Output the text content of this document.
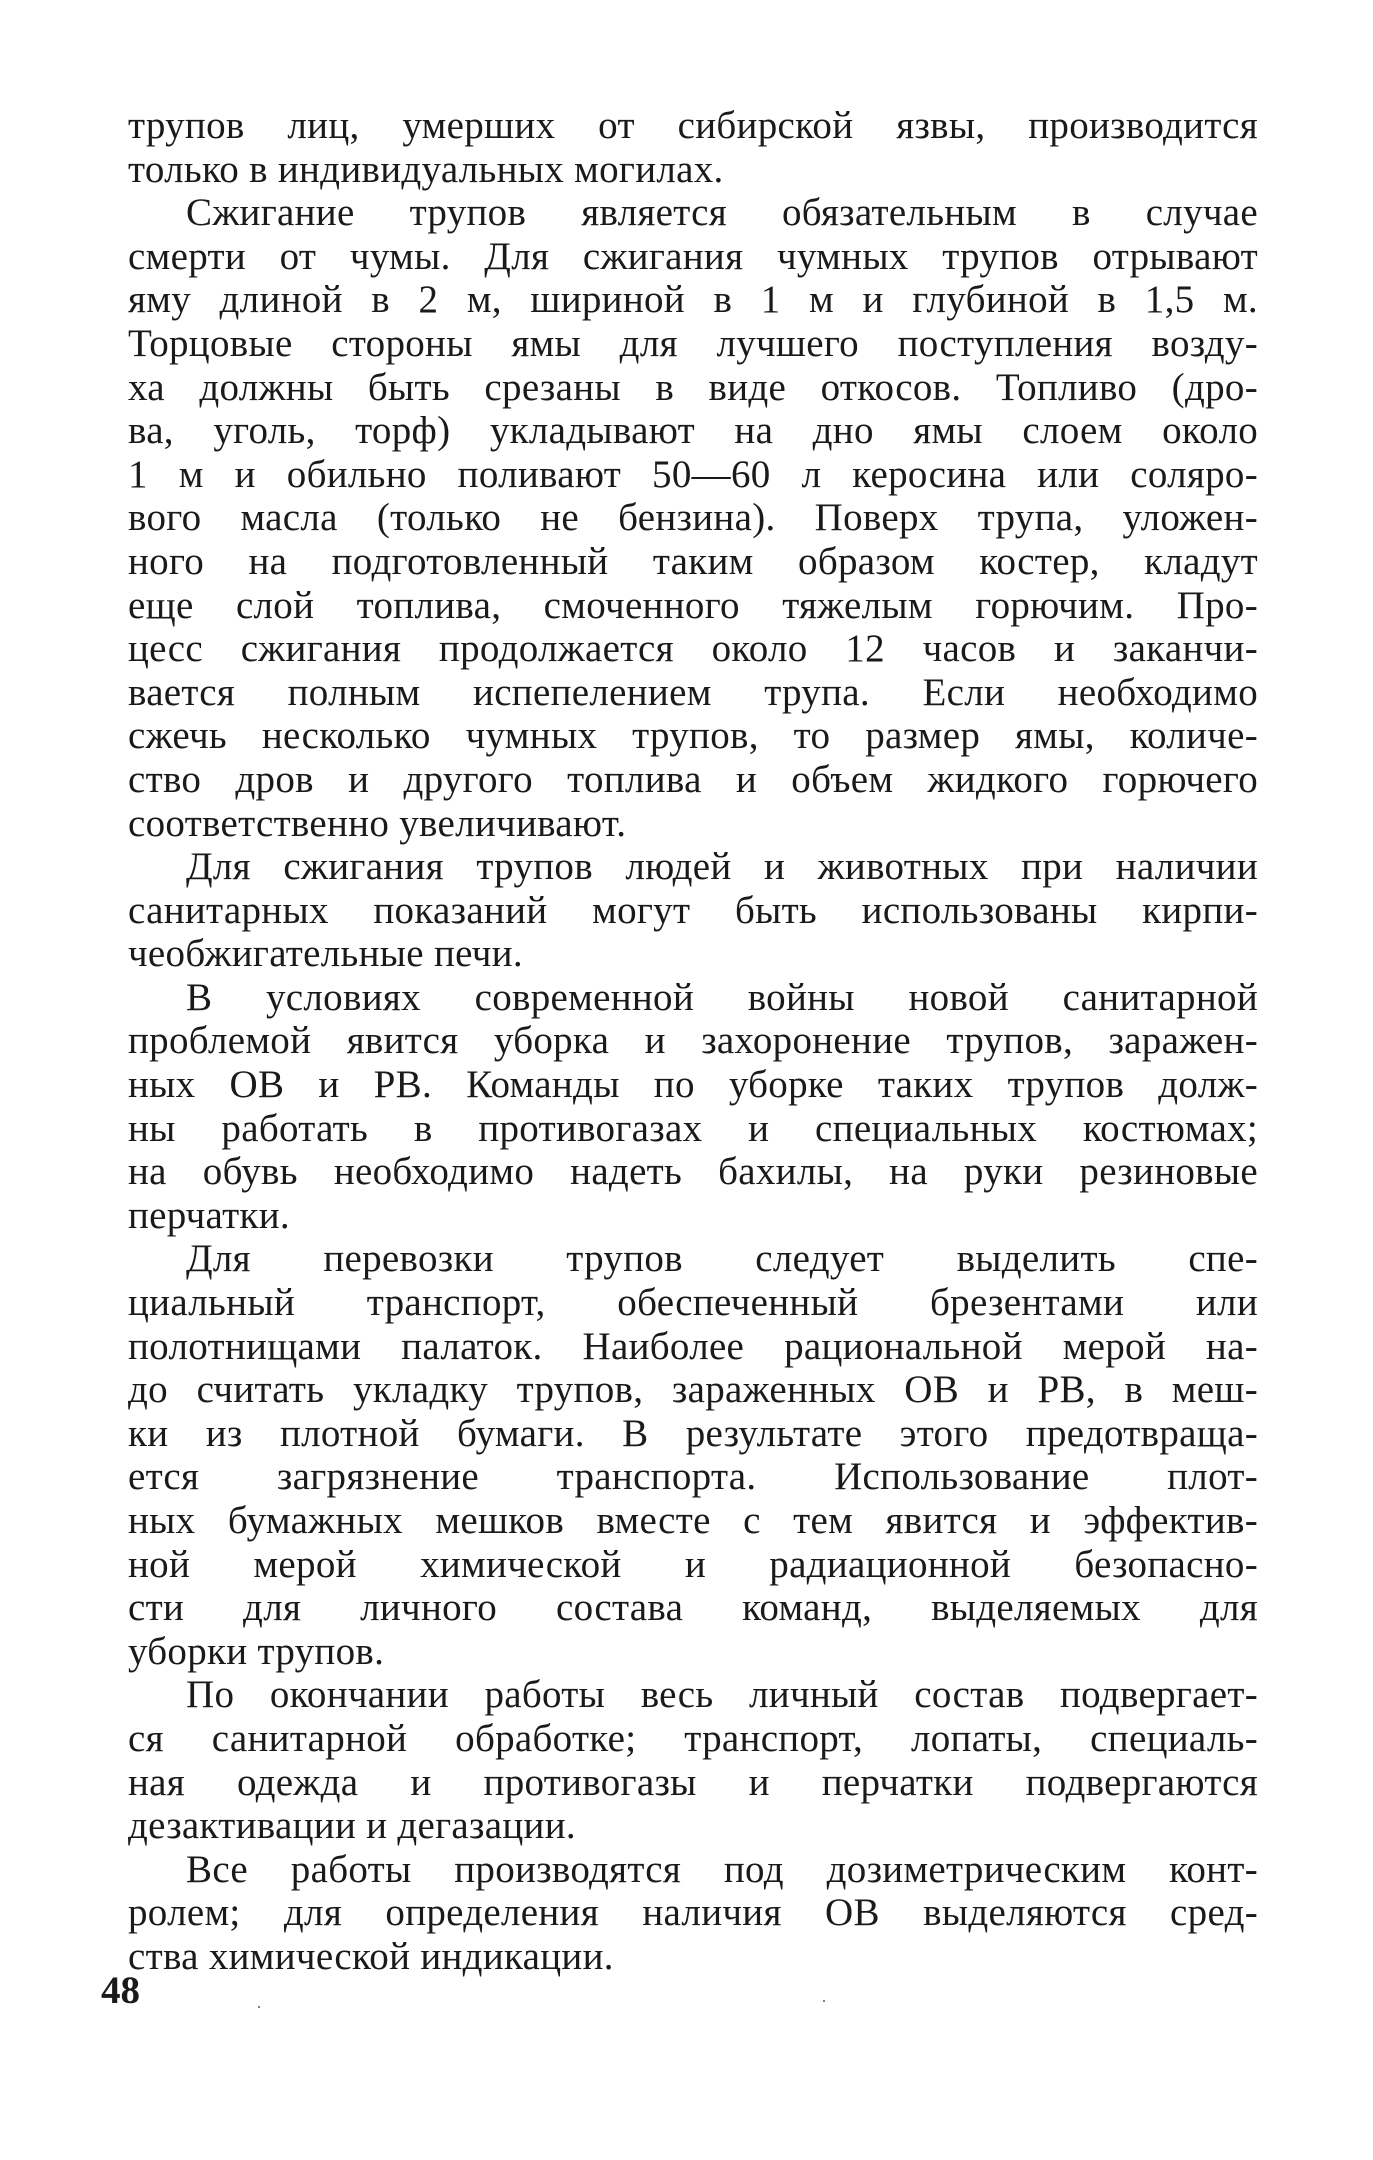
трупов лиц, умерших от сибирской язвы, производится
только в индивидуальных могилах.
Сжигание трупов является обязательным в случае
смерти от чумы. Для сжигания чумных трупов отрывают
яму длиной в 2 м, шириной в 1 м и глубиной в 1,5 м.
Торцовые стороны ямы для лучшего поступления возду-
ха должны быть срезаны в виде откосов. Топливо (дро-
ва, уголь, торф) укладывают на дно ямы слоем около
1 м и обильно поливают 50—60 л керосина или соляро-
вого масла (только не бензина). Поверх трупа, уложен-
ного на подготовленный таким образом костер, кладут
еще слой топлива, смоченного тяжелым горючим. Про-
цесс сжигания продолжается около 12 часов и заканчи-
вается полным испепелением трупа. Если необходимо
сжечь несколько чумных трупов, то размер ямы, количе-
ство дров и другого топлива и объем жидкого горючего
соответственно увеличивают.
Для сжигания трупов людей и животных при наличии
санитарных показаний могут быть использованы кирпи-
чеобжигательные печи.
В условиях современной войны новой санитарной
проблемой явится уборка и захоронение трупов, заражен-
ных ОВ и РВ. Команды по уборке таких трупов долж-
ны работать в противогазах и специальных костюмах;
на обувь необходимо надеть бахилы, на руки резиновые
перчатки.
Для перевозки трупов следует выделить спе-
циальный транспорт, обеспеченный брезентами или
полотнищами палаток. Наиболее рациональной мерой на-
до считать укладку трупов, зараженных ОВ и РВ, в меш-
ки из плотной бумаги. В результате этого предотвраща-
ется загрязнение транспорта. Использование плот-
ных бумажных мешков вместе с тем явится и эффектив-
ной мерой химической и радиационной безопасно-
сти для личного состава команд, выделяемых для
уборки трупов.
По окончании работы весь личный состав подвергает-
ся санитарной обработке; транспорт, лопаты, специаль-
ная одежда и противогазы и перчатки подвергаются
дезактивации и дегазации.
Все работы производятся под дозиметрическим конт-
ролем; для определения наличия ОВ выделяются сред-
ства химической индикации.
48
